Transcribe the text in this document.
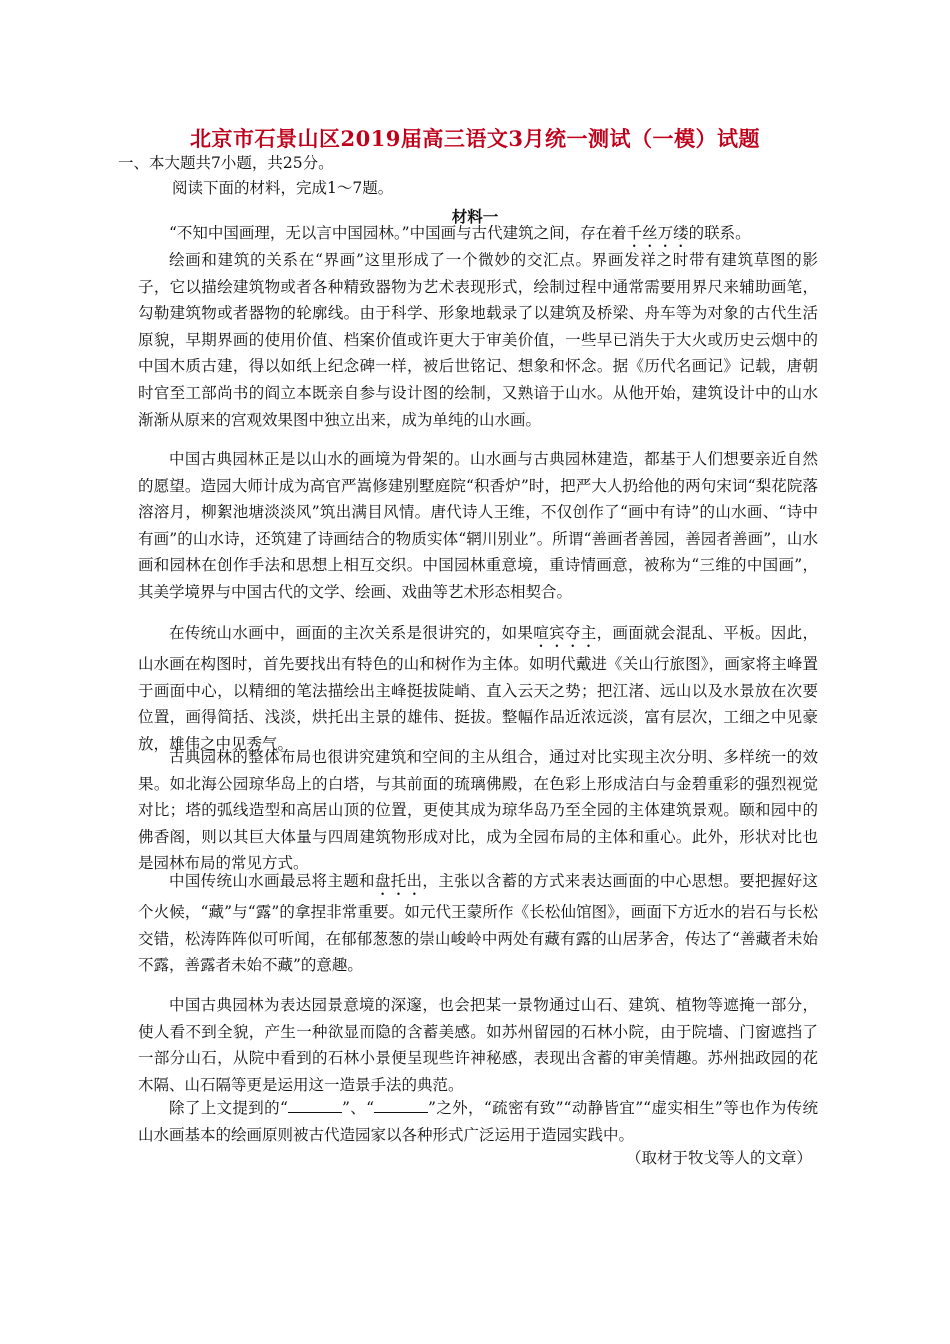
北京市石景山区2019届高三语文3月统一测试（一模）试题
一、本大题共7小题，共25分。
阅读下面的材料，完成1～7题。
材料一

“不知中国画理，无以言中国园林。”中国画与古代建筑之间，存在着千丝万缕的联系。

绘画和建筑的关系在“界画”这里形成了一个微妙的交汇点。界画发祥之时带有建筑草图的影子，它以描绘建筑物或者各种精致器物为艺术表现形式，绘制过程中通常需要用界尺来辅助画笔，勾勒建筑物或者器物的轮廓线。由于科学、形象地载录了以建筑及桥梁、舟车等为对象的古代生活原貌，早期界画的使用价值、档案价值或许更大于审美价值，一些早已消失于大火或历史云烟中的中国木质古建，得以如纸上纪念碑一样，被后世铭记、想象和怀念。据《历代名画记》记载，唐朝时官至工部尚书的阎立本既亲自参与设计图的绘制，又熟谙于山水。从他开始，建筑设计中的山水渐渐从原来的宫观效果图中独立出来，成为单纯的山水画。

中国古典园林正是以山水的画境为骨架的。山水画与古典园林建造，都基于人们想要亲近自然的愿望。造园大师计成为高官严嵩修建别墅庭院“积香炉”时，把严大人扔给他的两句宋词“梨花院落溶溶月，柳絮池塘淡淡风”筑出满目风情。唐代诗人王维，不仅创作了“画中有诗”的山水画、“诗中有画”的山水诗，还筑建了诗画结合的物质实体“辋川别业”。所谓“善画者善园，善园者善画”，山水画和园林在创作手法和思想上相互交织。中国园林重意境，重诗情画意，被称为“三维的中国画”，其美学境界与中国古代的文学、绘画、戏曲等艺术形态相契合。

在传统山水画中，画面的主次关系是很讲究的，如果喧宾夺主，画面就会混乱、平板。因此，山水画在构图时，首先要找出有特色的山和树作为主体。如明代戴进《关山行旅图》，画家将主峰置于画面中心，以精细的笔法描绘出主峰挺拔陡峭、直入云天之势；把江渚、远山以及水景放在次要位置，画得简括、浅淡，烘托出主景的雄伟、挺拔。整幅作品近浓远淡，富有层次，工细之中见豪放，雄伟之中见秀气。

古典园林的整体布局也很讲究建筑和空间的主从组合，通过对比实现主次分明、多样统一的效果。如北海公园琼华岛上的白塔，与其前面的琉璃佛殿，在色彩上形成洁白与金碧重彩的强烈视觉对比；塔的弧线造型和高居山顶的位置，更使其成为琼华岛乃至全园的主体建筑景观。颐和园中的佛香阁，则以其巨大体量与四周建筑物形成对比，成为全园布局的主体和重心。此外，形状对比也是园林布局的常见方式。

中国传统山水画最忌将主题和盘托出，主张以含蓄的方式来表达画面的中心思想。要把握好这个火候，“藏”与“露”的拿捏非常重要。如元代王蒙所作《长松仙馆图》，画面下方近水的岩石与长松交错，松涛阵阵似可听闻，在郁郁葱葱的崇山峻岭中两处有藏有露的山居茅舍，传达了“善藏者未始不露，善露者未始不藏”的意趣。

中国古典园林为表达园景意境的深邃，也会把某一景物通过山石、建筑、植物等遮掩一部分，使人看不到全貌，产生一种欲显而隐的含蓄美感。如苏州留园的石林小院，由于院墙、门窗遮挡了一部分山石，从院中看到的石林小景便呈现些许神秘感，表现出含蓄的审美情趣。苏州拙政园的花木隔、山石隔等更是运用这一造景手法的典范。

除了上文提到的“	”、“	”之外，“疏密有致”“动静皆宜”“虚实相生”等也作为传统山水画基本的绘画原则被古代造园家以各种形式广泛运用于造园实践中。

（取材于牧戈等人的文章）
